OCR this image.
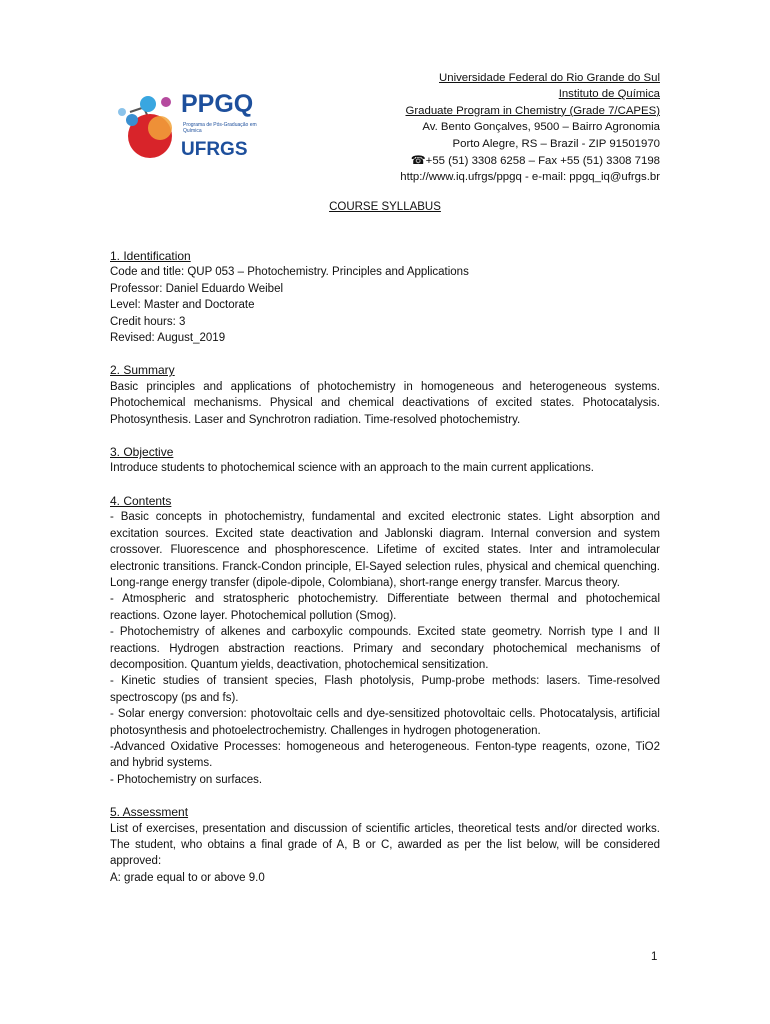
PPGQ
Programa de Pós-Graduação em Química
UFRGS
Universidade Federal do Rio Grande do Sul
Instituto de Química
Graduate Program in Chemistry (Grade 7/CAPES)
Av. Bento Gonçalves, 9500 – Bairro Agronomia
Porto Alegre, RS – Brazil - ZIP 91501970
☎+55 (51) 3308 6258 – Fax +55 (51) 3308 7198
http://www.iq.ufrgs/ppgq - e-mail: ppgq_iq@ufrgs.br
COURSE SYLLABUS
1. Identification

Code and title: QUP 053 – Photochemistry. Principles and Applications

Professor: Daniel Eduardo Weibel

Level: Master and Doctorate

Credit hours: 3

Revised: August_2019

2. Summary

Basic principles and applications of photochemistry in homogeneous and heterogeneous systems. Photochemical mechanisms. Physical and chemical deactivations of excited states. Photocatalysis. Photosynthesis. Laser and Synchrotron radiation. Time-resolved photochemistry.

3. Objective

Introduce students to photochemical science with an approach to the main current applications.

4. Contents

- Basic concepts in photochemistry, fundamental and excited electronic states. Light absorption and excitation sources. Excited state deactivation and Jablonski diagram. Internal conversion and system crossover. Fluorescence and phosphorescence. Lifetime of excited states. Inter and intramolecular electronic transitions. Franck-Condon principle, El-Sayed selection rules, physical and chemical quenching. Long-range energy transfer (dipole-dipole, Colombiana), short-range energy transfer. Marcus theory.

- Atmospheric and stratospheric photochemistry. Differentiate between thermal and photochemical reactions. Ozone layer. Photochemical pollution (Smog).

- Photochemistry of alkenes and carboxylic compounds. Excited state geometry. Norrish type I and II reactions. Hydrogen abstraction reactions. Primary and secondary photochemical mechanisms of decomposition. Quantum yields, deactivation, photochemical sensitization.

- Kinetic studies of transient species, Flash photolysis, Pump-probe methods: lasers. Time-resolved spectroscopy (ps and fs).

- Solar energy conversion: photovoltaic cells and dye-sensitized photovoltaic cells. Photocatalysis, artificial photosynthesis and photoelectrochemistry. Challenges in hydrogen photogeneration.

-Advanced Oxidative Processes: homogeneous and heterogeneous. Fenton-type reagents, ozone, TiO2 and hybrid systems.

- Photochemistry on surfaces.

5. Assessment

List of exercises, presentation and discussion of scientific articles, theoretical tests and/or directed works. The student, who obtains a final grade of A, B or C, awarded as per the list below, will be considered approved:

A: grade equal to or above 9.0

1
